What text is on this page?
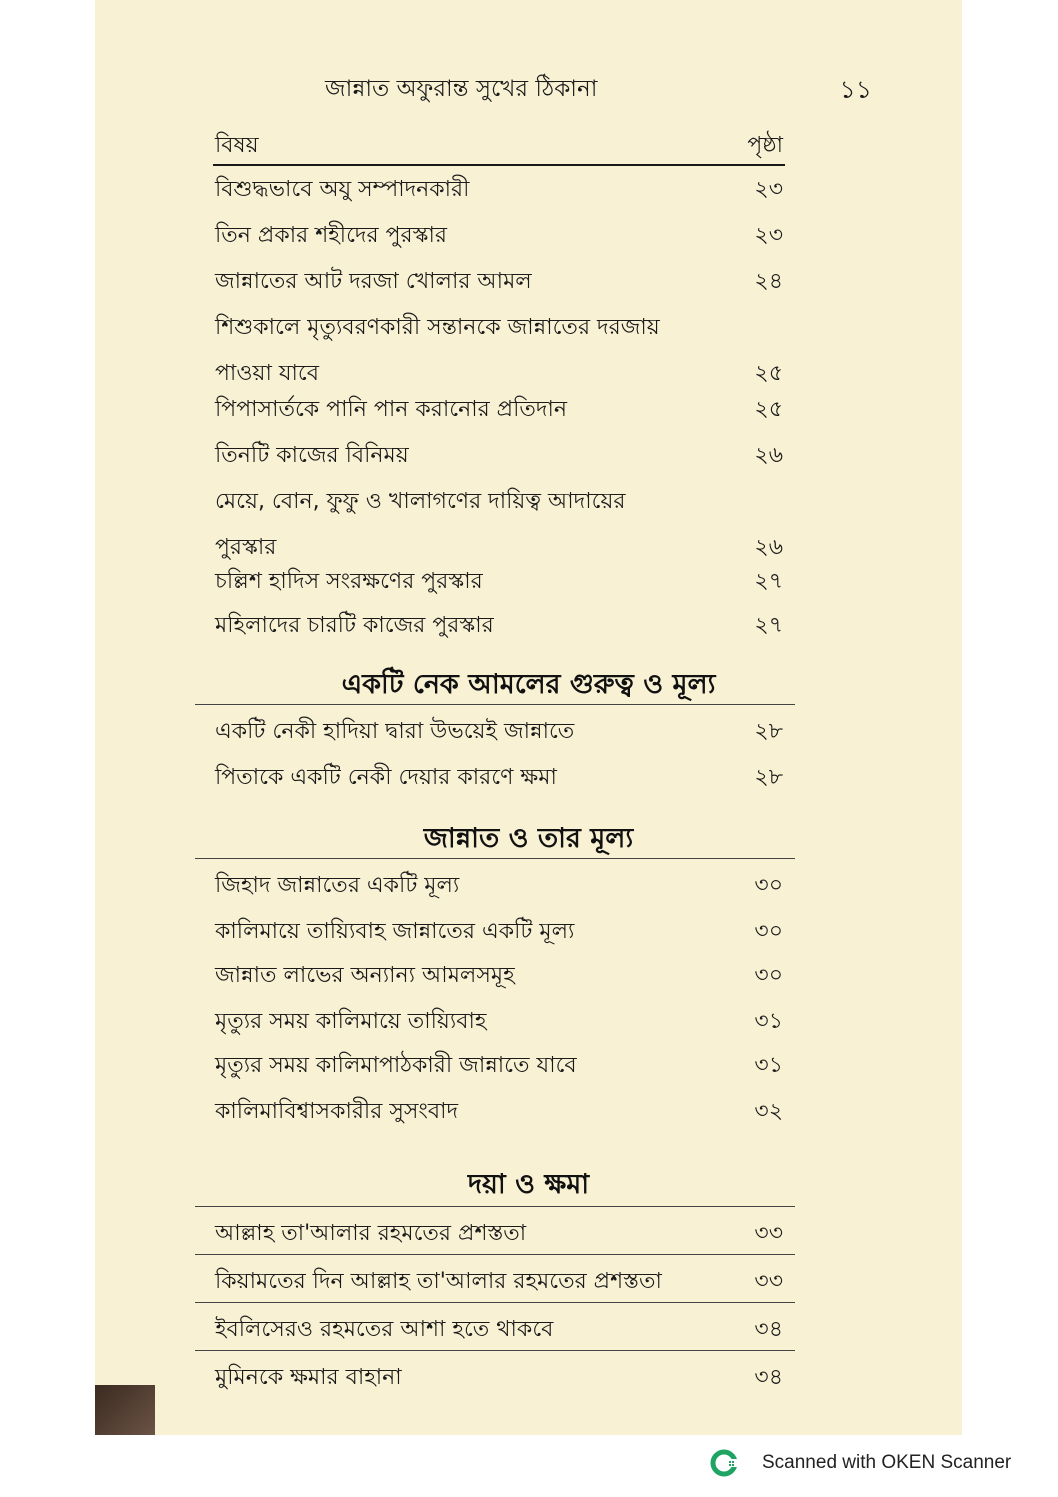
জান্নাত অফুরান্ত সুখের ঠিকানা	১১
বিষয়	পৃষ্ঠা
বিশুদ্ধভাবে অযু সম্পাদনকারী	২৩
তিন প্রকার শহীদের পুরস্কার	২৩
জান্নাতের আট দরজা খোলার আমল	২৪
শিশুকালে মৃত্যুবরণকারী সন্তানকে জান্নাতের দরজায়
পাওয়া যাবে	২৫
পিপাসার্তকে পানি পান করানোর প্রতিদান	২৫
তিনটি কাজের বিনিময়	২৬
মেয়ে, বোন, ফুফু ও খালাগণের দায়িত্ব আদায়ের
পুরস্কার	২৬
চল্লিশ হাদিস সংরক্ষণের পুরস্কার	২৭
মহিলাদের চারটি কাজের পুরস্কার	২৭
একটি নেক আমলের গুরুত্ব ও মূল্য
একটি নেকী হাদিয়া দ্বারা উভয়েই জান্নাতে	২৮
পিতাকে একটি নেকী দেয়ার কারণে ক্ষমা	২৮
জান্নাত ও তার মূল্য
জিহাদ জান্নাতের একটি মূল্য	৩০
কালিমায়ে তায়্যিবাহ জান্নাতের একটি মূল্য	৩০
জান্নাত লাভের অন্যান্য আমলসমূহ	৩০
মৃত্যুর সময় কালিমায়ে তায়্যিবাহ	৩১
মৃত্যুর সময় কালিমাপাঠকারী জান্নাতে যাবে	৩১
কালিমাবিশ্বাসকারীর সুসংবাদ	৩২
দয়া ও ক্ষমা
আল্লাহ তা'আলার রহমতের প্রশস্ততা	৩৩
কিয়ামতের দিন আল্লাহ তা'আলার রহমতের প্রশস্ততা	৩৩
ইবলিসেরও রহমতের আশা হতে থাকবে	৩৪
মুমিনকে ক্ষমার বাহানা	৩৪
Scanned with OKEN Scanner
